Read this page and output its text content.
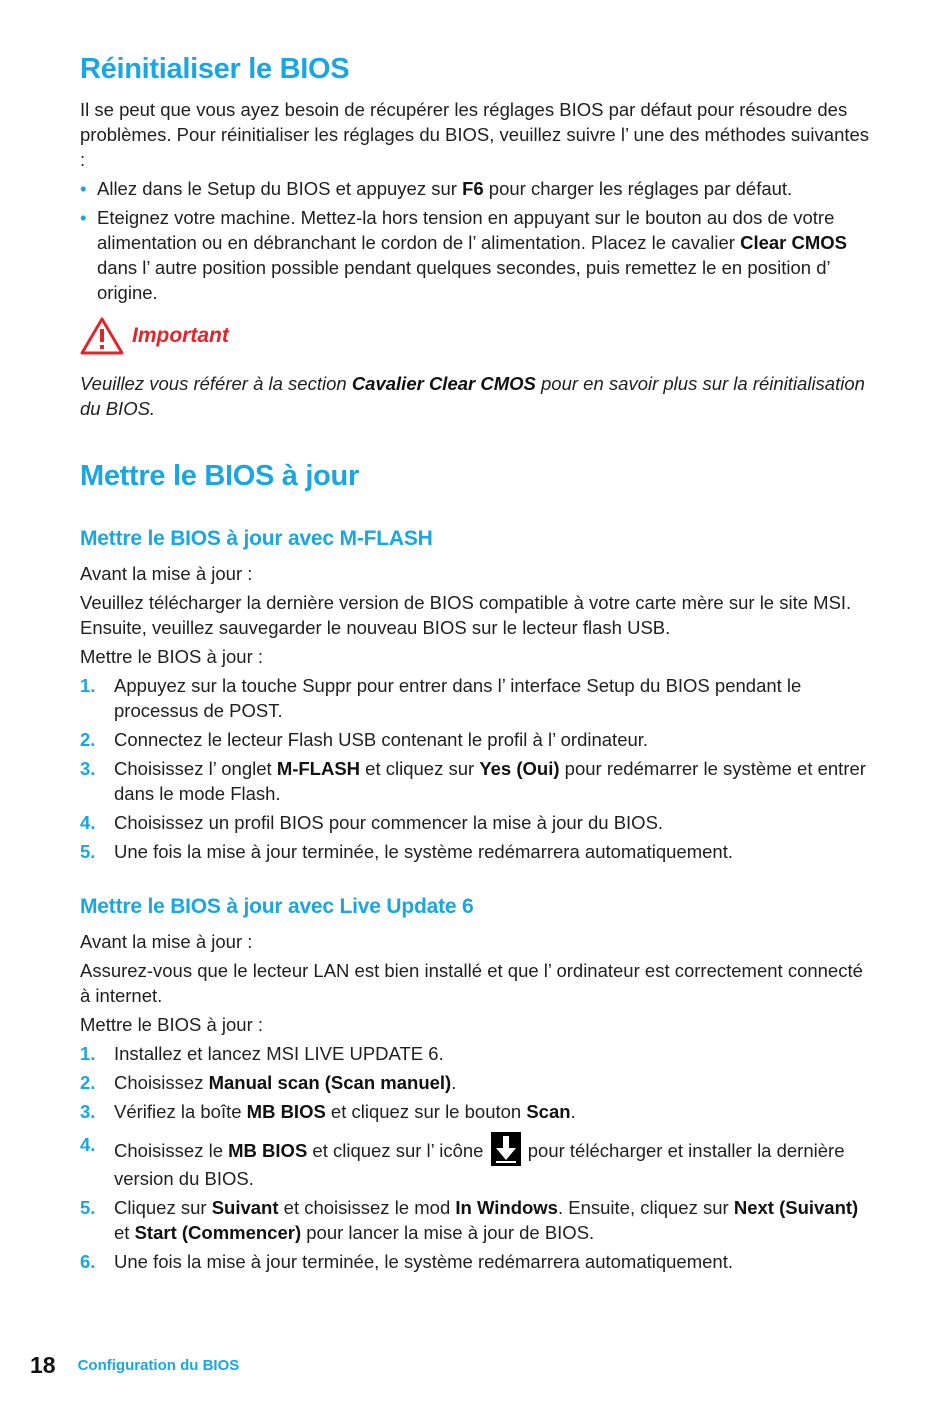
Réinitialiser le BIOS

Il se peut que vous ayez besoin de récupérer les réglages BIOS par défaut pour résoudre des problèmes. Pour réinitialiser les réglages du BIOS, veuillez suivre l’ une des méthodes suivantes :

• Allez dans le Setup du BIOS et appuyez sur F6 pour charger les réglages par défaut.
• Eteignez votre machine. Mettez-la hors tension en appuyant sur le bouton au dos de votre alimentation ou en débranchant le cordon de l’ alimentation. Placez le cavalier Clear CMOS dans l’ autre position possible pendant quelques secondes, puis remettez le en position d’ origine.
Important

Veuillez vous référer à la section Cavalier Clear CMOS pour en savoir plus sur la réinitialisation du BIOS.

Mettre le BIOS à jour
Mettre le BIOS à jour avec M-FLASH

Avant la mise à jour :

Veuillez télécharger la dernière version de BIOS compatible à votre carte mère sur le site MSI. Ensuite, veuillez sauvegarder le nouveau BIOS sur le lecteur flash USB.

Mettre le BIOS à jour :

1. Appuyez sur la touche Suppr pour entrer dans l’ interface Setup du BIOS pendant le processus de POST.
2. Connectez le lecteur Flash USB contenant le profil à l’ ordinateur.
3. Choisissez l’ onglet M-FLASH et cliquez sur Yes (Oui) pour redémarrer le système et entrer dans le mode Flash.
4. Choisissez un profil BIOS pour commencer la mise à jour du BIOS.
5. Une fois la mise à jour terminée, le système redémarrera automatiquement.
Mettre le BIOS à jour avec Live Update 6

Avant la mise à jour :

Assurez-vous que le lecteur LAN est bien installé et que l’ ordinateur est correctement connecté à internet.

Mettre le BIOS à jour :

1. Installez et lancez MSI LIVE UPDATE 6.
2. Choisissez Manual scan (Scan manuel).
3. Vérifiez la boîte MB BIOS et cliquez sur le bouton Scan.
4. Choisissez le MB BIOS et cliquez sur l’ icône
pour télécharger et installer la dernière version du BIOS.
5. Cliquez sur Suivant et choisissez le mod In Windows. Ensuite, cliquez sur Next (Suivant) et Start (Commencer) pour lancer la mise à jour de BIOS.
6. Une fois la mise à jour terminée, le système redémarrera automatiquement.
18 Configuration du BIOS
